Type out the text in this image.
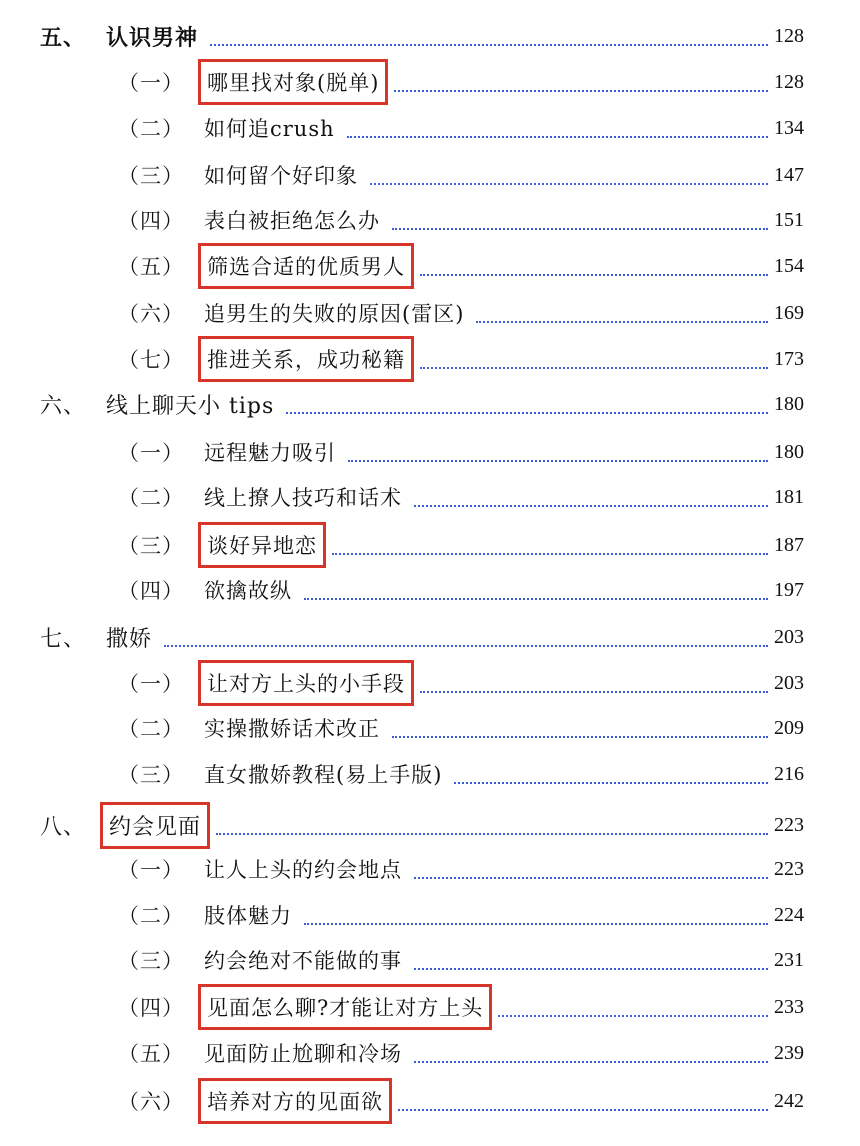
五、 认识男神	128
（一）	哪里找对象(脱单)	128
（二） 如何追crush	134
（三） 如何留个好印象	147
（四） 表白被拒绝怎么办	151
（五）	筛选合适的优质男人	154
（六） 追男生的失败的原因(雷区)	169
（七）	推进关系，成功秘籍	173
六、 线上聊天小 tips	180
（一） 远程魅力吸引	180
（二） 线上撩人技巧和话术	181
（三）	谈好异地恋	187
（四） 欲擒故纵	197
七、 撒娇	203
（一）	让对方上头的小手段	203
（二） 实操撒娇话术改正	209
（三） 直女撒娇教程(易上手版)	216
八、	约会见面	223
（一） 让人上头的约会地点	223
（二） 肢体魅力	224
（三） 约会绝对不能做的事	231
（四）	见面怎么聊?才能让对方上头	233
（五） 见面防止尬聊和冷场	239
（六）	培养对方的见面欲	242
